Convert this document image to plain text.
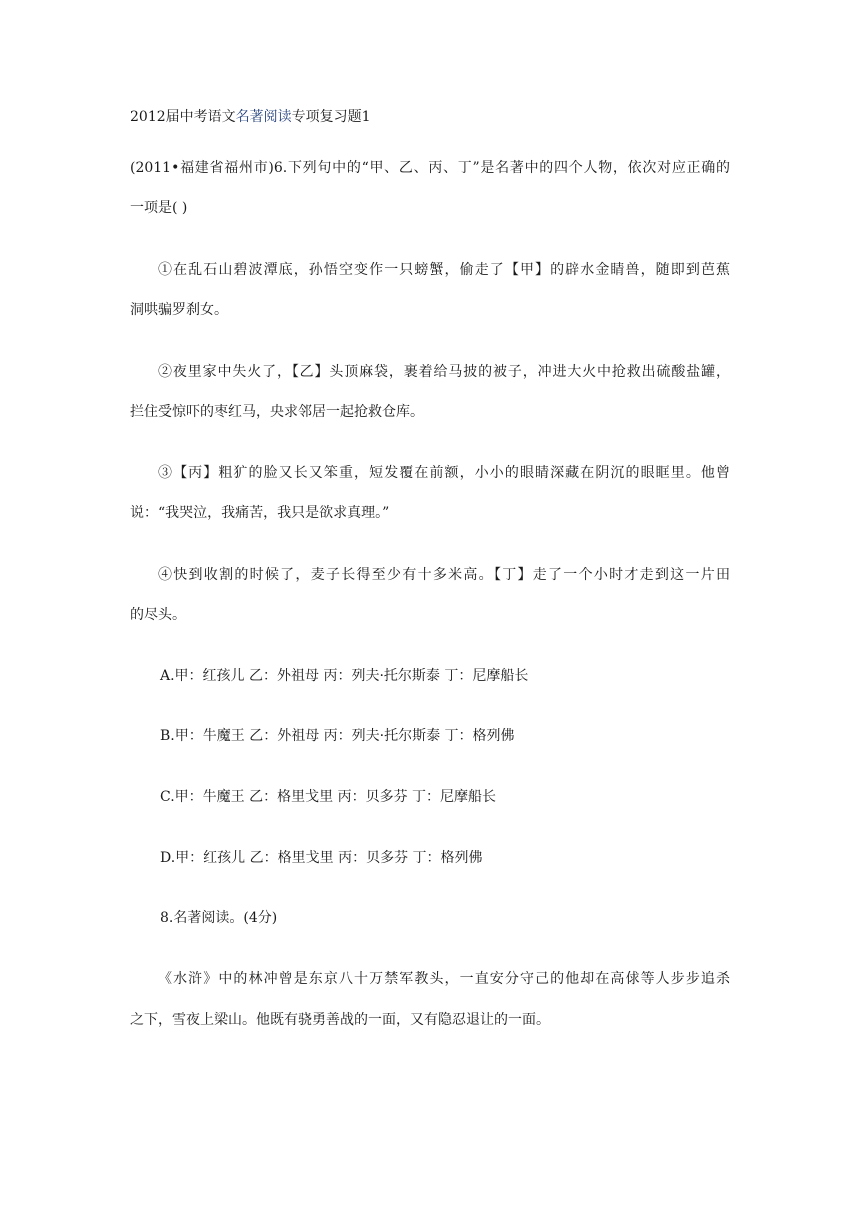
2012届中考语文名著阅读专项复习题1
(2011•福建省福州市)6.下列句中的“甲、乙、丙、丁”是名著中的四个人物，依次对应正确的
一项是( )
①在乱石山碧波潭底，孙悟空变作一只螃蟹，偷走了【甲】的辟水金睛兽，随即到芭蕉
洞哄骗罗刹女。
②夜里家中失火了，【乙】头顶麻袋，裹着给马披的被子，冲进大火中抢救出硫酸盐罐，
拦住受惊吓的枣红马，央求邻居一起抢救仓库。
③【丙】粗犷的脸又长又笨重，短发覆在前额，小小的眼睛深藏在阴沉的眼眶里。他曾
说：“我哭泣，我痛苦，我只是欲求真理。”
④快到收割的时候了，麦子长得至少有十多米高。【丁】走了一个小时才走到这一片田
的尽头。
A.甲：红孩儿 乙：外祖母 丙：列夫·托尔斯泰 丁：尼摩船长
B.甲：牛魔王 乙：外祖母 丙：列夫·托尔斯泰 丁：格列佛
C.甲：牛魔王 乙：格里戈里 丙：贝多芬 丁：尼摩船长
D.甲：红孩儿 乙：格里戈里 丙：贝多芬 丁：格列佛
8.名著阅读。(4分)
《水浒》中的林冲曾是东京八十万禁军教头，一直安分守己的他却在高俅等人步步追杀
之下，雪夜上梁山。他既有骁勇善战的一面，又有隐忍退让的一面。
